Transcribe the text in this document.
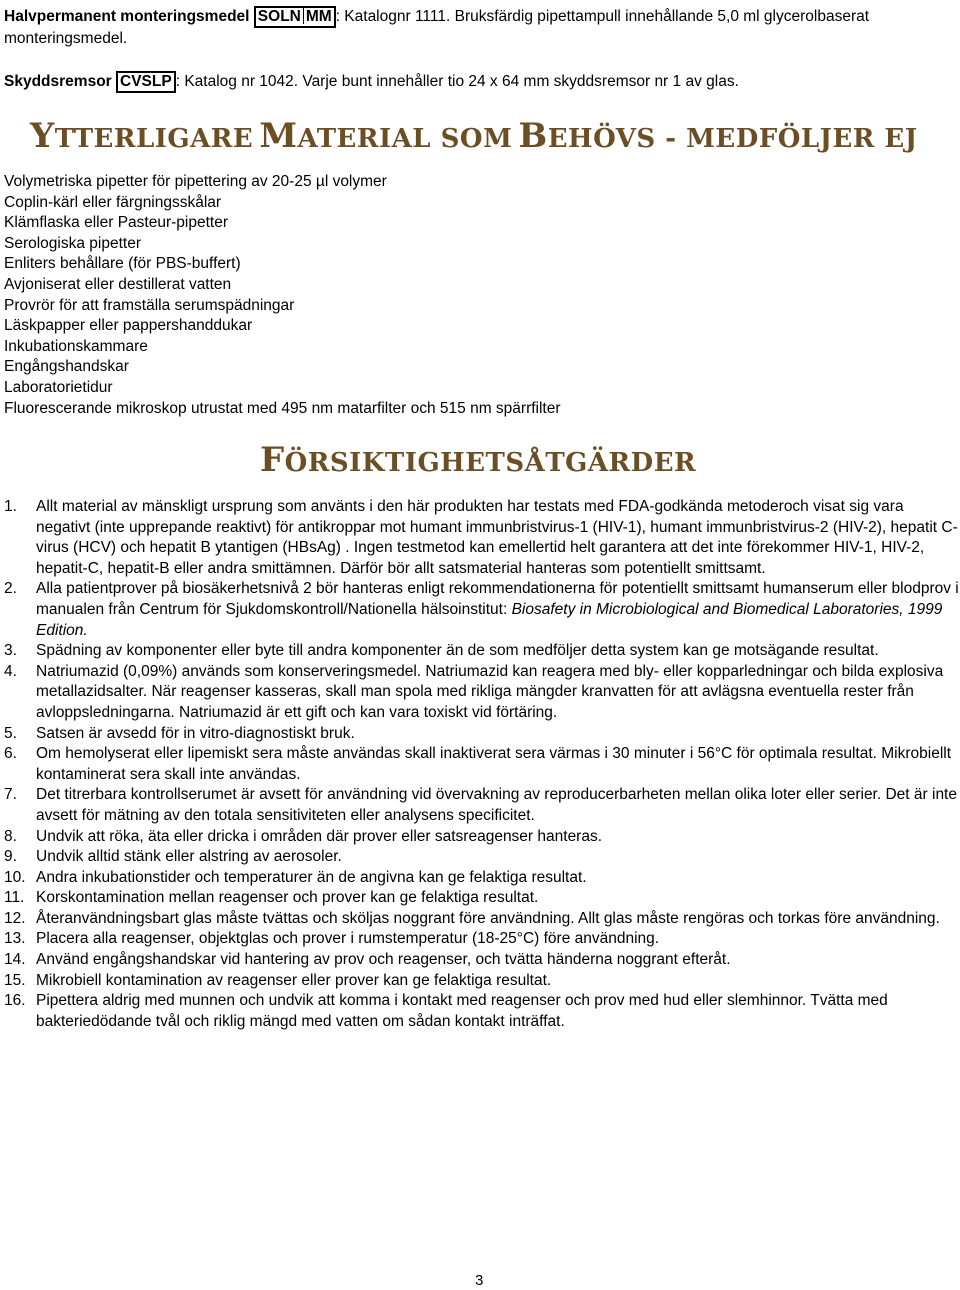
Halvpermanent monteringsmedel SOLN MM : Katalognr 1111. Bruksfärdig pipettampull innehållande 5,0 ml glycerolbaserat monteringsmedel.

Skyddsremsor CVSLP : Katalog nr 1042. Varje bunt innehåller tio 24 x 64 mm skyddsremsor nr 1 av glas.

YTTERLIGARE MATERIAL SOM BEHÖVS - MEDFÖLJER EJ
Volymetriska pipetter för pipettering av 20-25 µl volymer
Coplin-kärl eller färgningsskålar
Klämflaska eller Pasteur-pipetter
Serologiska pipetter
Enliters behållare (för PBS-buffert)
Avjoniserat eller destillerat vatten
Provrör för att framställa serumspädningar
Läskpapper eller pappershanddukar
Inkubationskammare
Engångshandskar
Laboratorietidur
Fluorescerande mikroskop utrustat med 495 nm matarfilter och 515 nm spärrfilter
FÖRSIKTIGHETSÅTGÄRDER
1. Allt material av mänskligt ursprung som använts i den här produkten har testats med FDA-godkända metoderoch visat sig vara negativt (inte upprepande reaktivt) för antikroppar mot humant immunbristvirus-1 (HIV-1), humant immunbristvirus-2 (HIV-2), hepatit C-virus (HCV) och hepatit B ytantigen (HBsAg) . Ingen testmetod kan emellertid helt garantera att det inte förekommer HIV-1, HIV-2, hepatit-C, hepatit-B eller andra smittämnen. Därför bör allt satsmaterial hanteras som potentiellt smittsamt.
2. Alla patientprover på biosäkerhetsnivå 2 bör hanteras enligt rekommendationerna för potentiellt smittsamt humanserum eller blodprov i manualen från Centrum för Sjukdomskontroll/Nationella hälsoinstitut: Biosafety in Microbiological and Biomedical Laboratories, 1999 Edition.
3. Spädning av komponenter eller byte till andra komponenter än de som medföljer detta system kan ge motsägande resultat.
4. Natriumazid (0,09%) används som konserveringsmedel. Natriumazid kan reagera med bly- eller kopparledningar och bilda explosiva metallazidsalter. När reagenser kasseras, skall man spola med rikliga mängder kranvatten för att avlägsna eventuella rester från avloppsledningarna. Natriumazid är ett gift och kan vara toxiskt vid förtäring.
5. Satsen är avsedd för in vitro-diagnostiskt bruk.
6. Om hemolyserat eller lipemiskt sera måste användas skall inaktiverat sera värmas i 30 minuter i 56°C för optimala resultat. Mikrobiellt kontaminerat sera skall inte användas.
7. Det titrerbara kontrollserumet är avsett för användning vid övervakning av reproducerbarheten mellan olika loter eller serier. Det är inte avsett för mätning av den totala sensitiviteten eller analysens specificitet.
8. Undvik att röka, äta eller dricka i områden där prover eller satsreagenser hanteras.
9. Undvik alltid stänk eller alstring av aerosoler.
10. Andra inkubationstider och temperaturer än de angivna kan ge felaktiga resultat.
11. Korskontamination mellan reagenser och prover kan ge felaktiga resultat.
12. Återanvändningsbart glas måste tvättas och sköljas noggrant före användning. Allt glas måste rengöras och torkas före användning.
13. Placera alla reagenser, objektglas och prover i rumstemperatur (18-25°C) före användning.
14. Använd engångshandskar vid hantering av prov och reagenser, och tvätta händerna noggrant efteråt.
15. Mikrobiell kontamination av reagenser eller prover kan ge felaktiga resultat.
16. Pipettera aldrig med munnen och undvik att komma i kontakt med reagenser och prov med hud eller slemhinnor. Tvätta med bakteriedödande tvål och riklig mängd med vatten om sådan kontakt inträffat.
3
